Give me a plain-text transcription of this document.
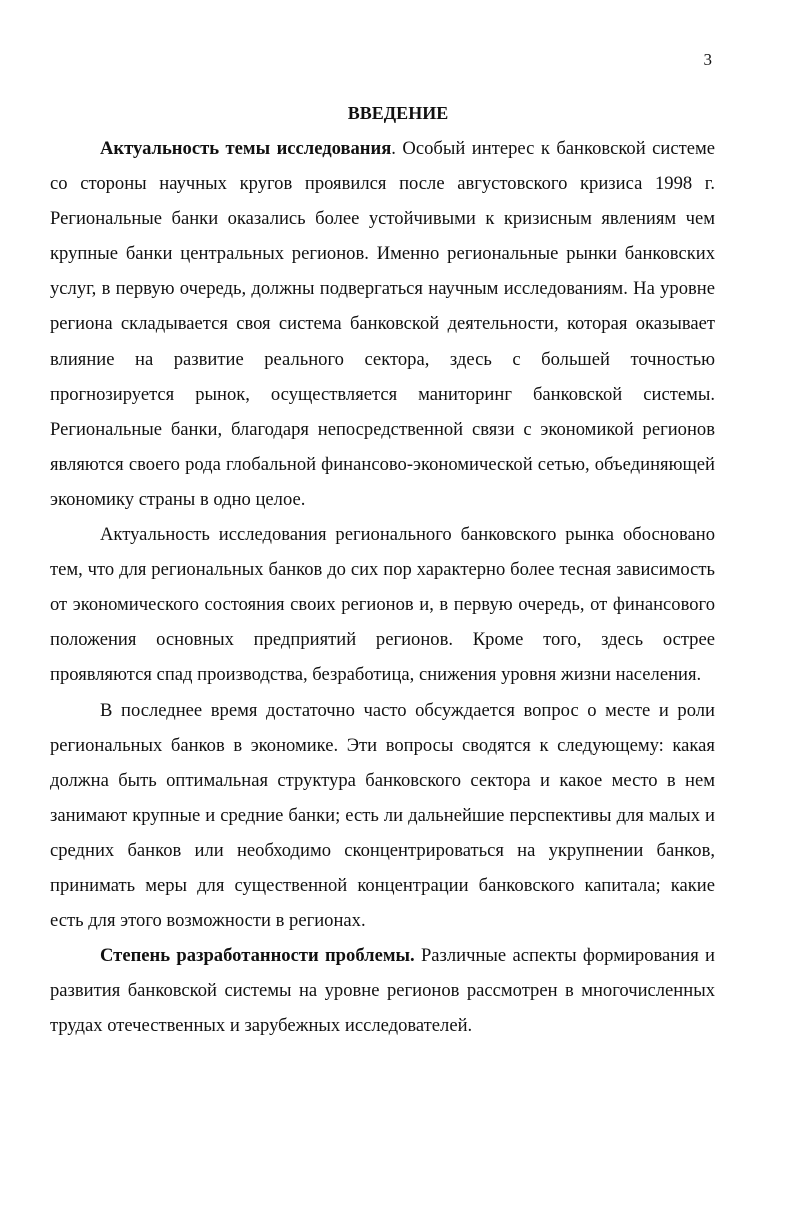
3
ВВЕДЕНИЕ

Актуальность темы исследования. Особый интерес к банковской системе со стороны научных кругов проявился после августовского кризиса 1998 г. Региональные банки оказались более устойчивыми к кризисным явлениям чем крупные банки центральных регионов. Именно региональные рынки банковских услуг, в первую очередь, должны подвергаться научным исследованиям. На уровне региона складывается своя система банковской деятельности, которая оказывает влияние на развитие реального сектора, здесь с большей точностью прогнозируется рынок, осуществляется маниторинг банковской системы. Региональные банки, благодаря непосредственной связи с экономикой регионов являются своего рода глобальной финансово-экономической сетью, объединяющей экономику страны в одно целое.

Актуальность исследования регионального банковского рынка обосновано тем, что для региональных банков до сих пор характерно более тесная зависимость от экономического состояния своих регионов и, в первую очередь, от финансового положения основных предприятий регионов. Кроме того, здесь острее проявляются спад производства, безработица, снижения уровня жизни населения.

В последнее время достаточно часто обсуждается вопрос о месте и роли региональных банков в экономике. Эти вопросы сводятся к следующему: какая должна быть оптимальная структура банковского сектора и какое место в нем занимают крупные и средние банки; есть ли дальнейшие перспективы для малых и средних банков или необходимо сконцентрироваться на укрупнении банков, принимать меры для существенной концентрации банковского капитала; какие есть для этого возможности в регионах.

Степень разработанности проблемы. Различные аспекты формирования и развития банковской системы на уровне регионов рассмотрен в многочисленных трудах отечественных и зарубежных исследователей.
